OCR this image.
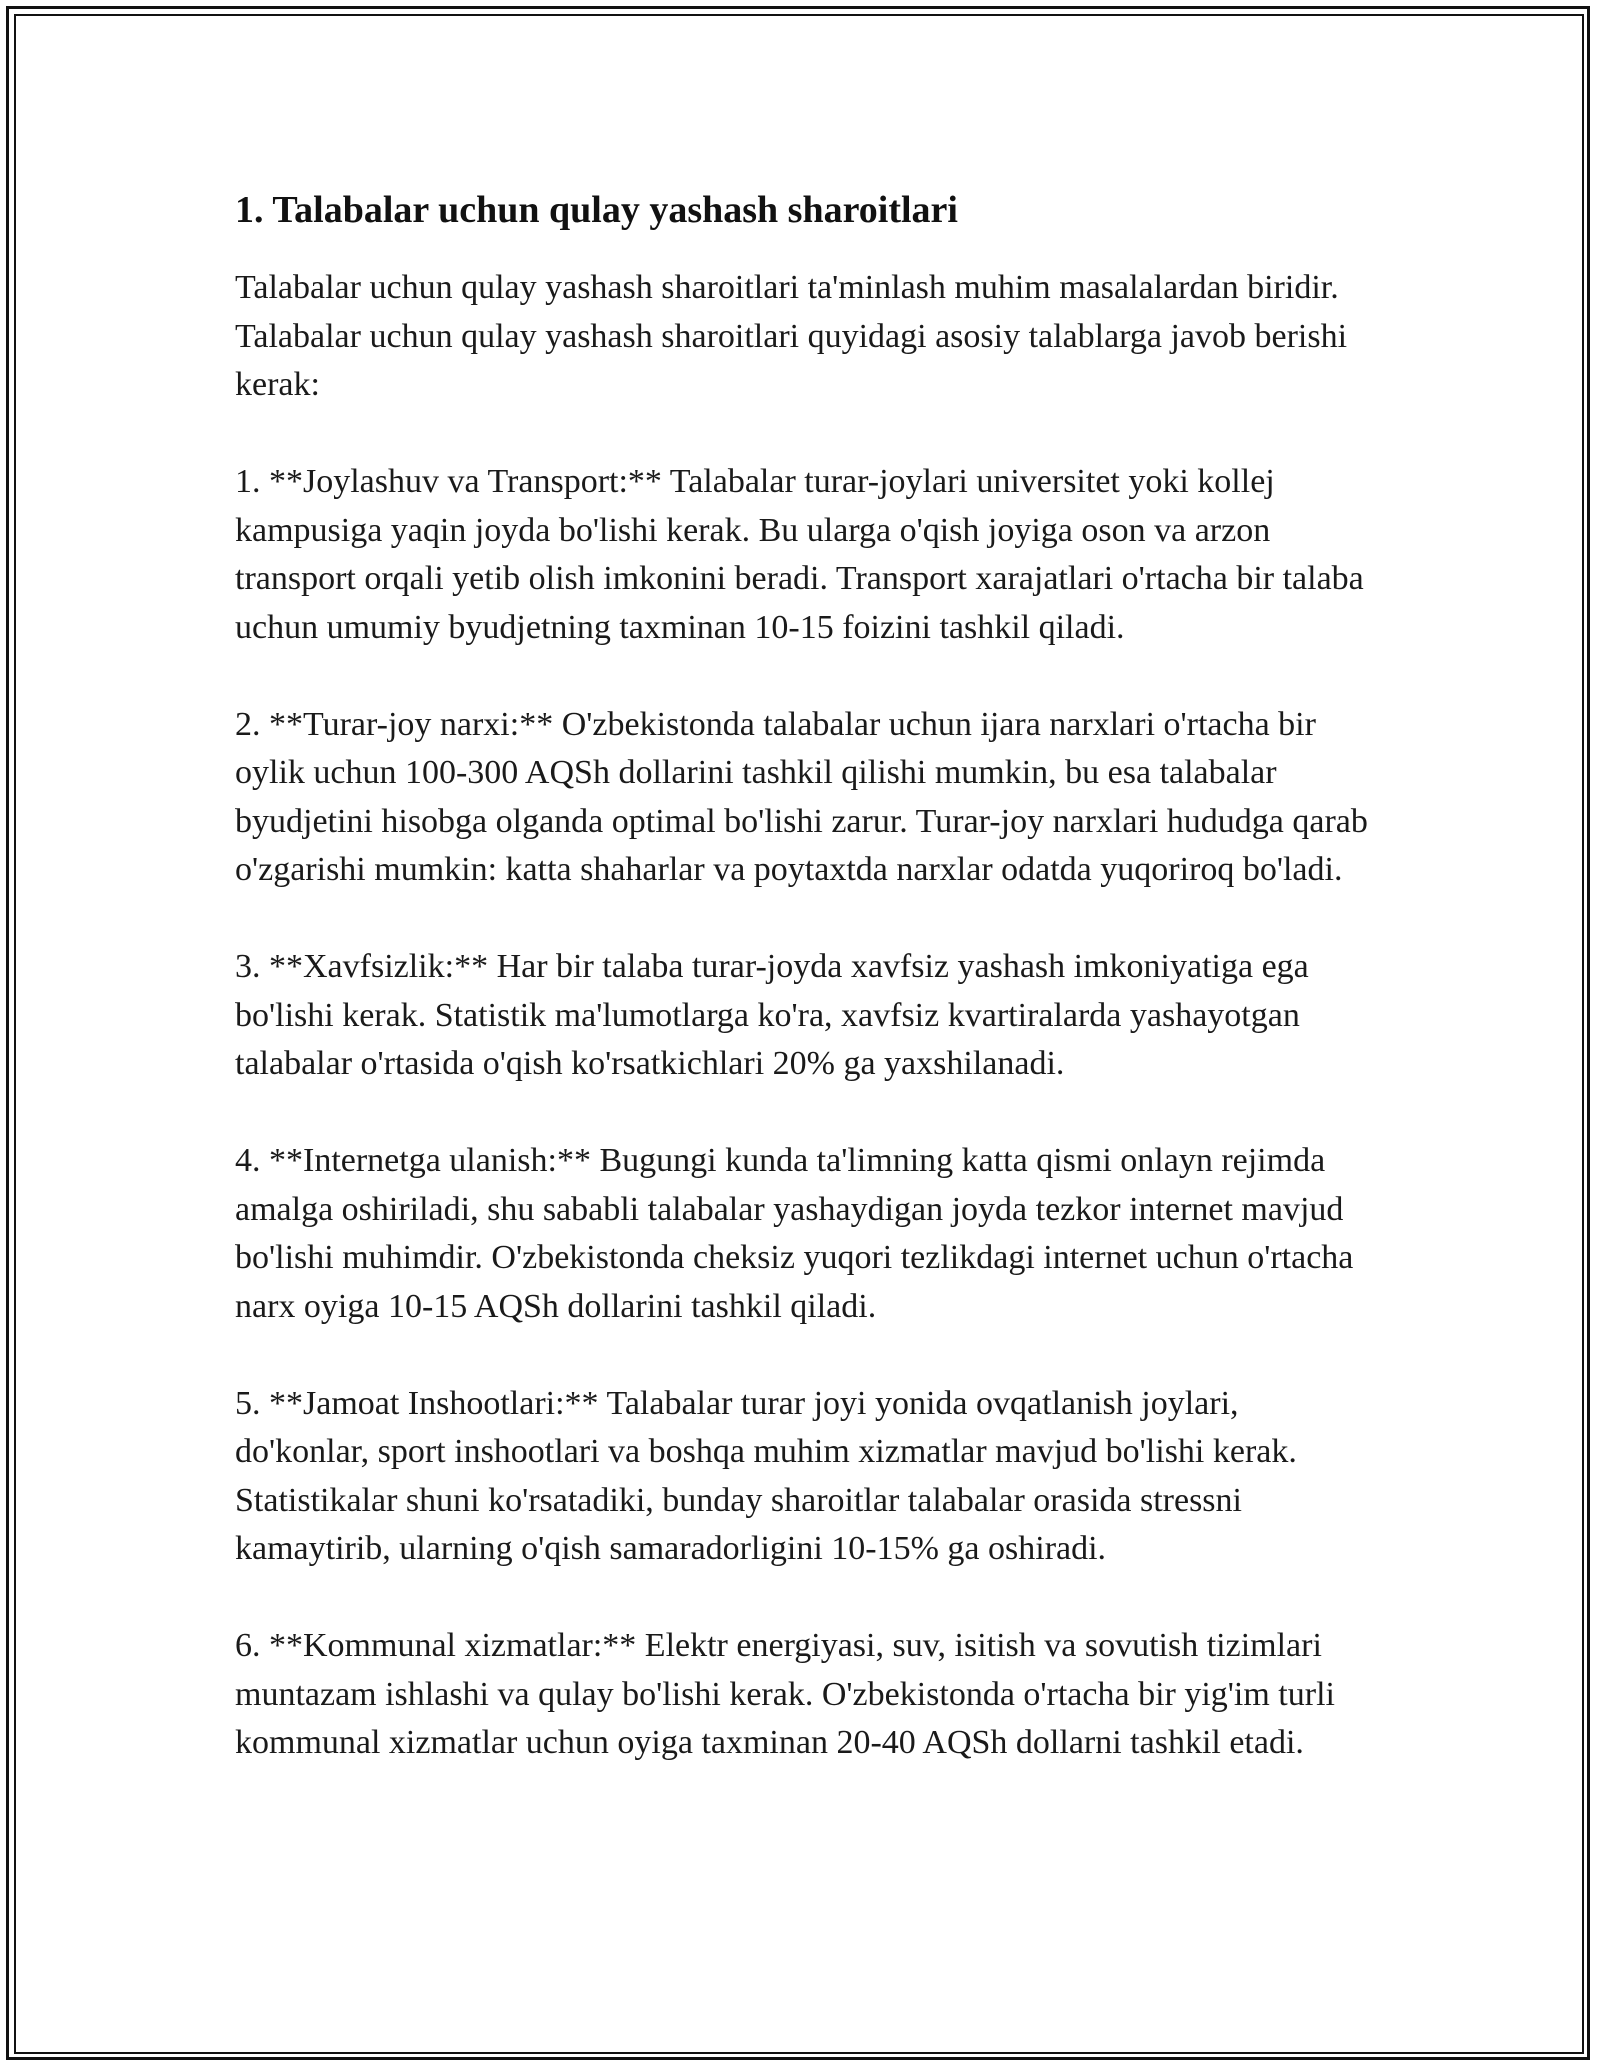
1. Talabalar uchun qulay yashash sharoitlari

Talabalar uchun qulay yashash sharoitlari ta'minlash muhim masalalardan biridir. Talabalar uchun qulay yashash sharoitlari quyidagi asosiy talablarga javob berishi kerak:

1. **Joylashuv va Transport:** Talabalar turar-joylari universitet yoki kollej kampusiga yaqin joyda bo'lishi kerak. Bu ularga o'qish joyiga oson va arzon transport orqali yetib olish imkonini beradi. Transport xarajatlari o'rtacha bir talaba uchun umumiy byudjetning taxminan 10-15 foizini tashkil qiladi.

2. **Turar-joy narxi:** O'zbekistonda talabalar uchun ijara narxlari o'rtacha bir oylik uchun 100-300 AQSh dollarini tashkil qilishi mumkin, bu esa talabalar byudjetini hisobga olganda optimal bo'lishi zarur. Turar-joy narxlari hududga qarab o'zgarishi mumkin: katta shaharlar va poytaxtda narxlar odatda yuqoriroq bo'ladi.

3. **Xavfsizlik:** Har bir talaba turar-joyda xavfsiz yashash imkoniyatiga ega bo'lishi kerak. Statistik ma'lumotlarga ko'ra, xavfsiz kvartiralarda yashayotgan talabalar o'rtasida o'qish ko'rsatkichlari 20% ga yaxshilanadi.

4. **Internetga ulanish:** Bugungi kunda ta'limning katta qismi onlayn rejimda amalga oshiriladi, shu sababli talabalar yashaydigan joyda tezkor internet mavjud bo'lishi muhimdir. O'zbekistonda cheksiz yuqori tezlikdagi internet uchun o'rtacha narx oyiga 10-15 AQSh dollarini tashkil qiladi.

5. **Jamoat Inshootlari:** Talabalar turar joyi yonida ovqatlanish joylari, do'konlar, sport inshootlari va boshqa muhim xizmatlar mavjud bo'lishi kerak. Statistikalar shuni ko'rsatadiki, bunday sharoitlar talabalar orasida stressni kamaytirib, ularning o'qish samaradorligini 10-15% ga oshiradi.

6. **Kommunal xizmatlar:** Elektr energiyasi, suv, isitish va sovutish tizimlari muntazam ishlashi va qulay bo'lishi kerak. O'zbekistonda o'rtacha bir yig'im turli kommunal xizmatlar uchun oyiga taxminan 20-40 AQSh dollarni tashkil etadi.
